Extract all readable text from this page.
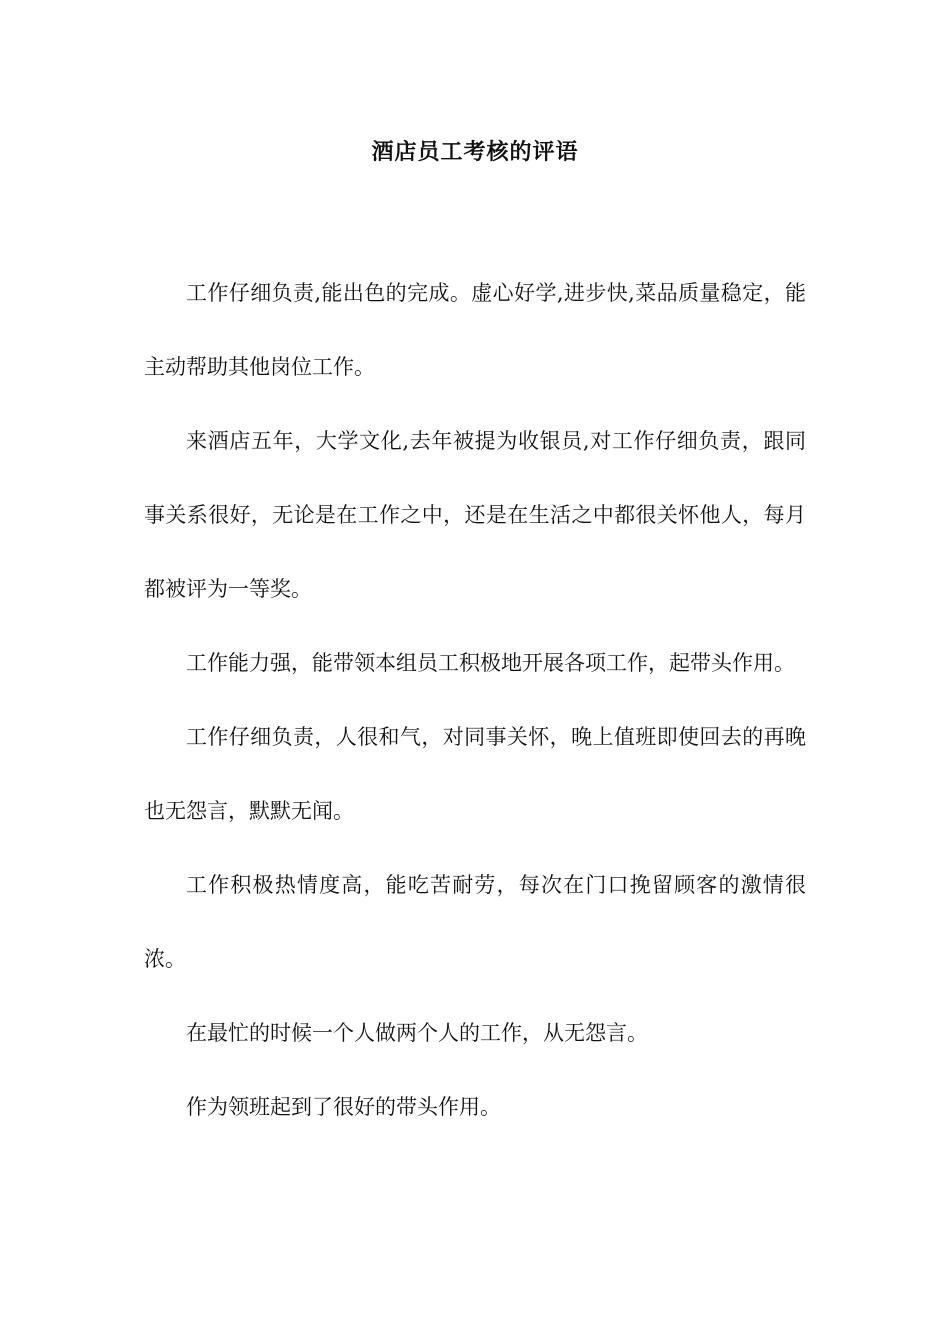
酒店员工考核的评语

工作仔细负责,能出色的完成。虚心好学,进步快,菜品质量稳定，能主动帮助其他岗位工作。

来酒店五年，大学文化,去年被提为收银员,对工作仔细负责，跟同事关系很好，无论是在工作之中，还是在生活之中都很关怀他人，每月都被评为一等奖。

工作能力强，能带领本组员工积极地开展各项工作，起带头作用。

工作仔细负责，人很和气，对同事关怀，晚上值班即使回去的再晚也无怨言，默默无闻。

工作积极热情度高，能吃苦耐劳，每次在门口挽留顾客的激情很浓。

在最忙的时候一个人做两个人的工作，从无怨言。

作为领班起到了很好的带头作用。
